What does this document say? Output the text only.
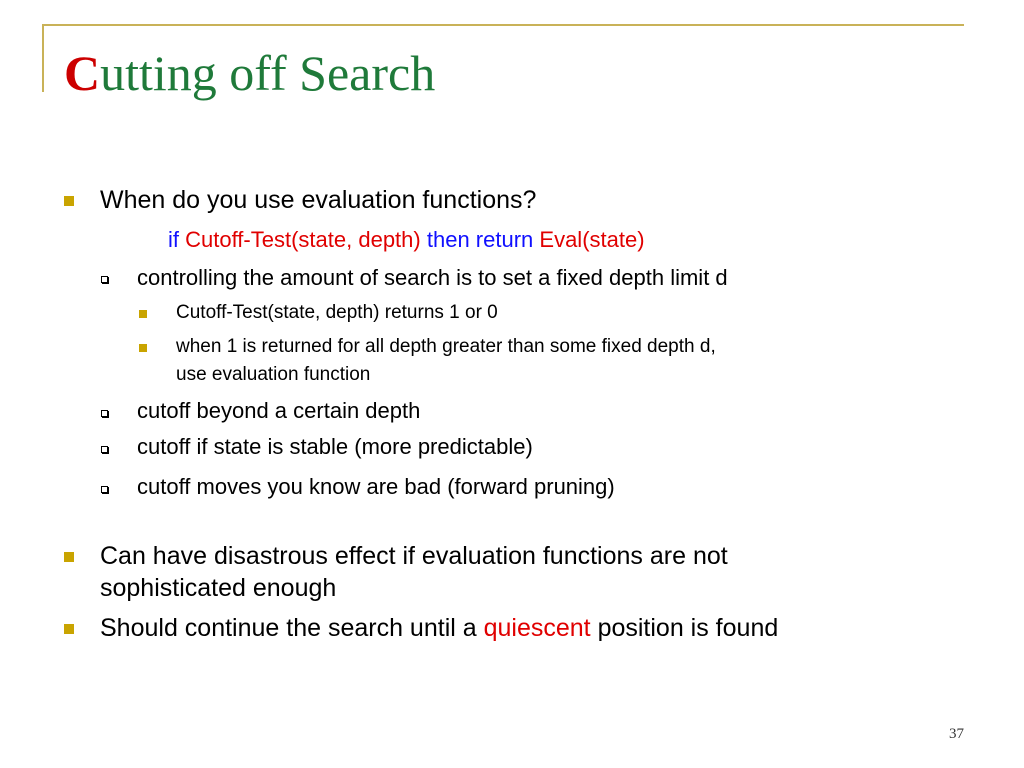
Cutting off Search
When do you use evaluation functions?
if Cutoff-Test(state, depth) then return Eval(state)
controlling the amount of search is to set a fixed depth limit d
Cutoff-Test(state, depth) returns 1 or 0
when 1 is returned for all depth greater than some fixed depth d,
use evaluation function
cutoff beyond a certain depth
cutoff if state is stable (more predictable)
cutoff moves you know are bad (forward pruning)
Can have disastrous effect if evaluation functions are not
sophisticated enough
Should continue the search until a quiescent position is found
37
